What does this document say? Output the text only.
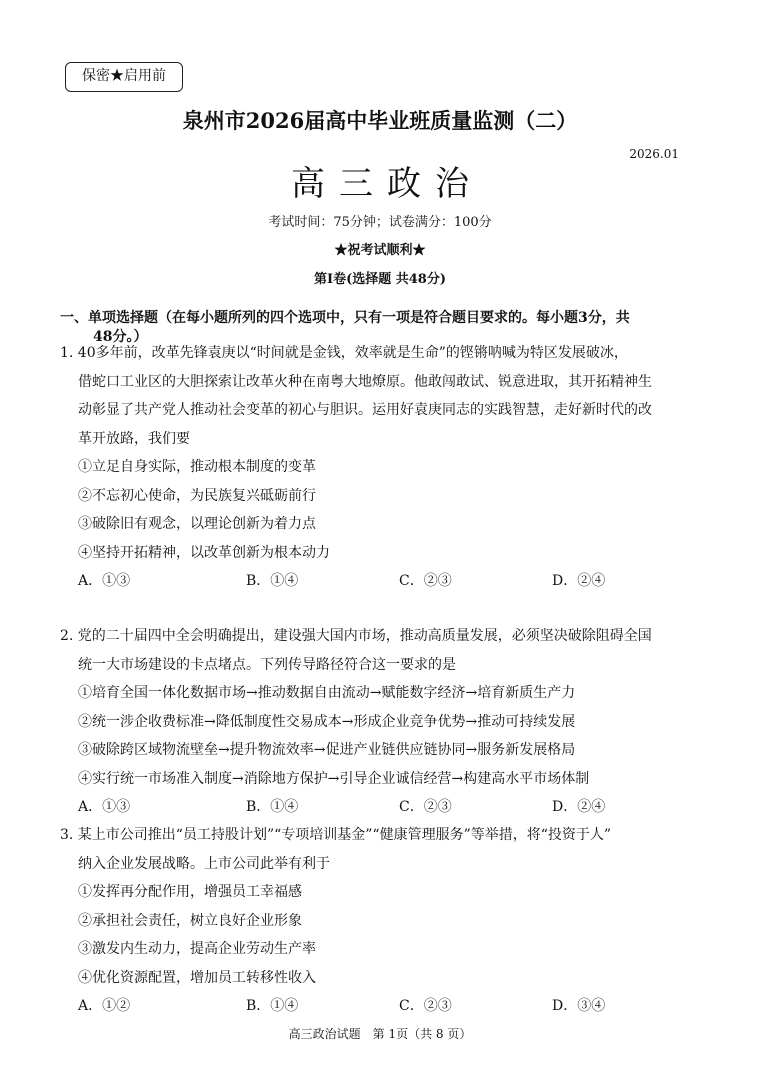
保密★启用前
泉州市2026届高中毕业班质量监测（二）
2026.01
高三政治
考试时间：75分钟；试卷满分：100分
★祝考试顺利★
第Ⅰ卷(选择题 共48分)
一、单项选择题（在每小题所列的四个选项中，只有一项是符合题目要求的。每小题3分，共
48分。）
1. 40多年前，改革先锋袁庚以“时间就是金钱，效率就是生命”的铿锵呐喊为特区发展破冰，
借蛇口工业区的大胆探索让改革火种在南粤大地燎原。他敢闯敢试、锐意进取，其开拓精神生
动彰显了共产党人推动社会变革的初心与胆识。运用好袁庚同志的实践智慧，走好新时代的改
革开放路，我们要
①立足自身实际，推动根本制度的变革
②不忘初心使命，为民族复兴砥砺前行
③破除旧有观念，以理论创新为着力点
④坚持开拓精神，以改革创新为根本动力
A．①③	B．①④	C．②③	D．②④
2. 党的二十届四中全会明确提出，建设强大国内市场，推动高质量发展，必须坚决破除阻碍全国
统一大市场建设的卡点堵点。下列传导路径符合这一要求的是
①培育全国一体化数据市场→推动数据自由流动→赋能数字经济→培育新质生产力
②统一涉企收费标准→降低制度性交易成本→形成企业竞争优势→推动可持续发展
③破除跨区域物流壁垒→提升物流效率→促进产业链供应链协同→服务新发展格局
④实行统一市场准入制度→消除地方保护→引导企业诚信经营→构建高水平市场体制
A．①③	B．①④	C．②③	D．②④
3. 某上市公司推出“员工持股计划”“专项培训基金”“健康管理服务”等举措，将“投资于人”
纳入企业发展战略。上市公司此举有利于
①发挥再分配作用，增强员工幸福感
②承担社会责任，树立良好企业形象
③激发内生动力，提高企业劳动生产率
④优化资源配置，增加员工转移性收入
A．①②	B．①④	C．②③	D．③④
高三政治试题　第 1页（共 8 页）
